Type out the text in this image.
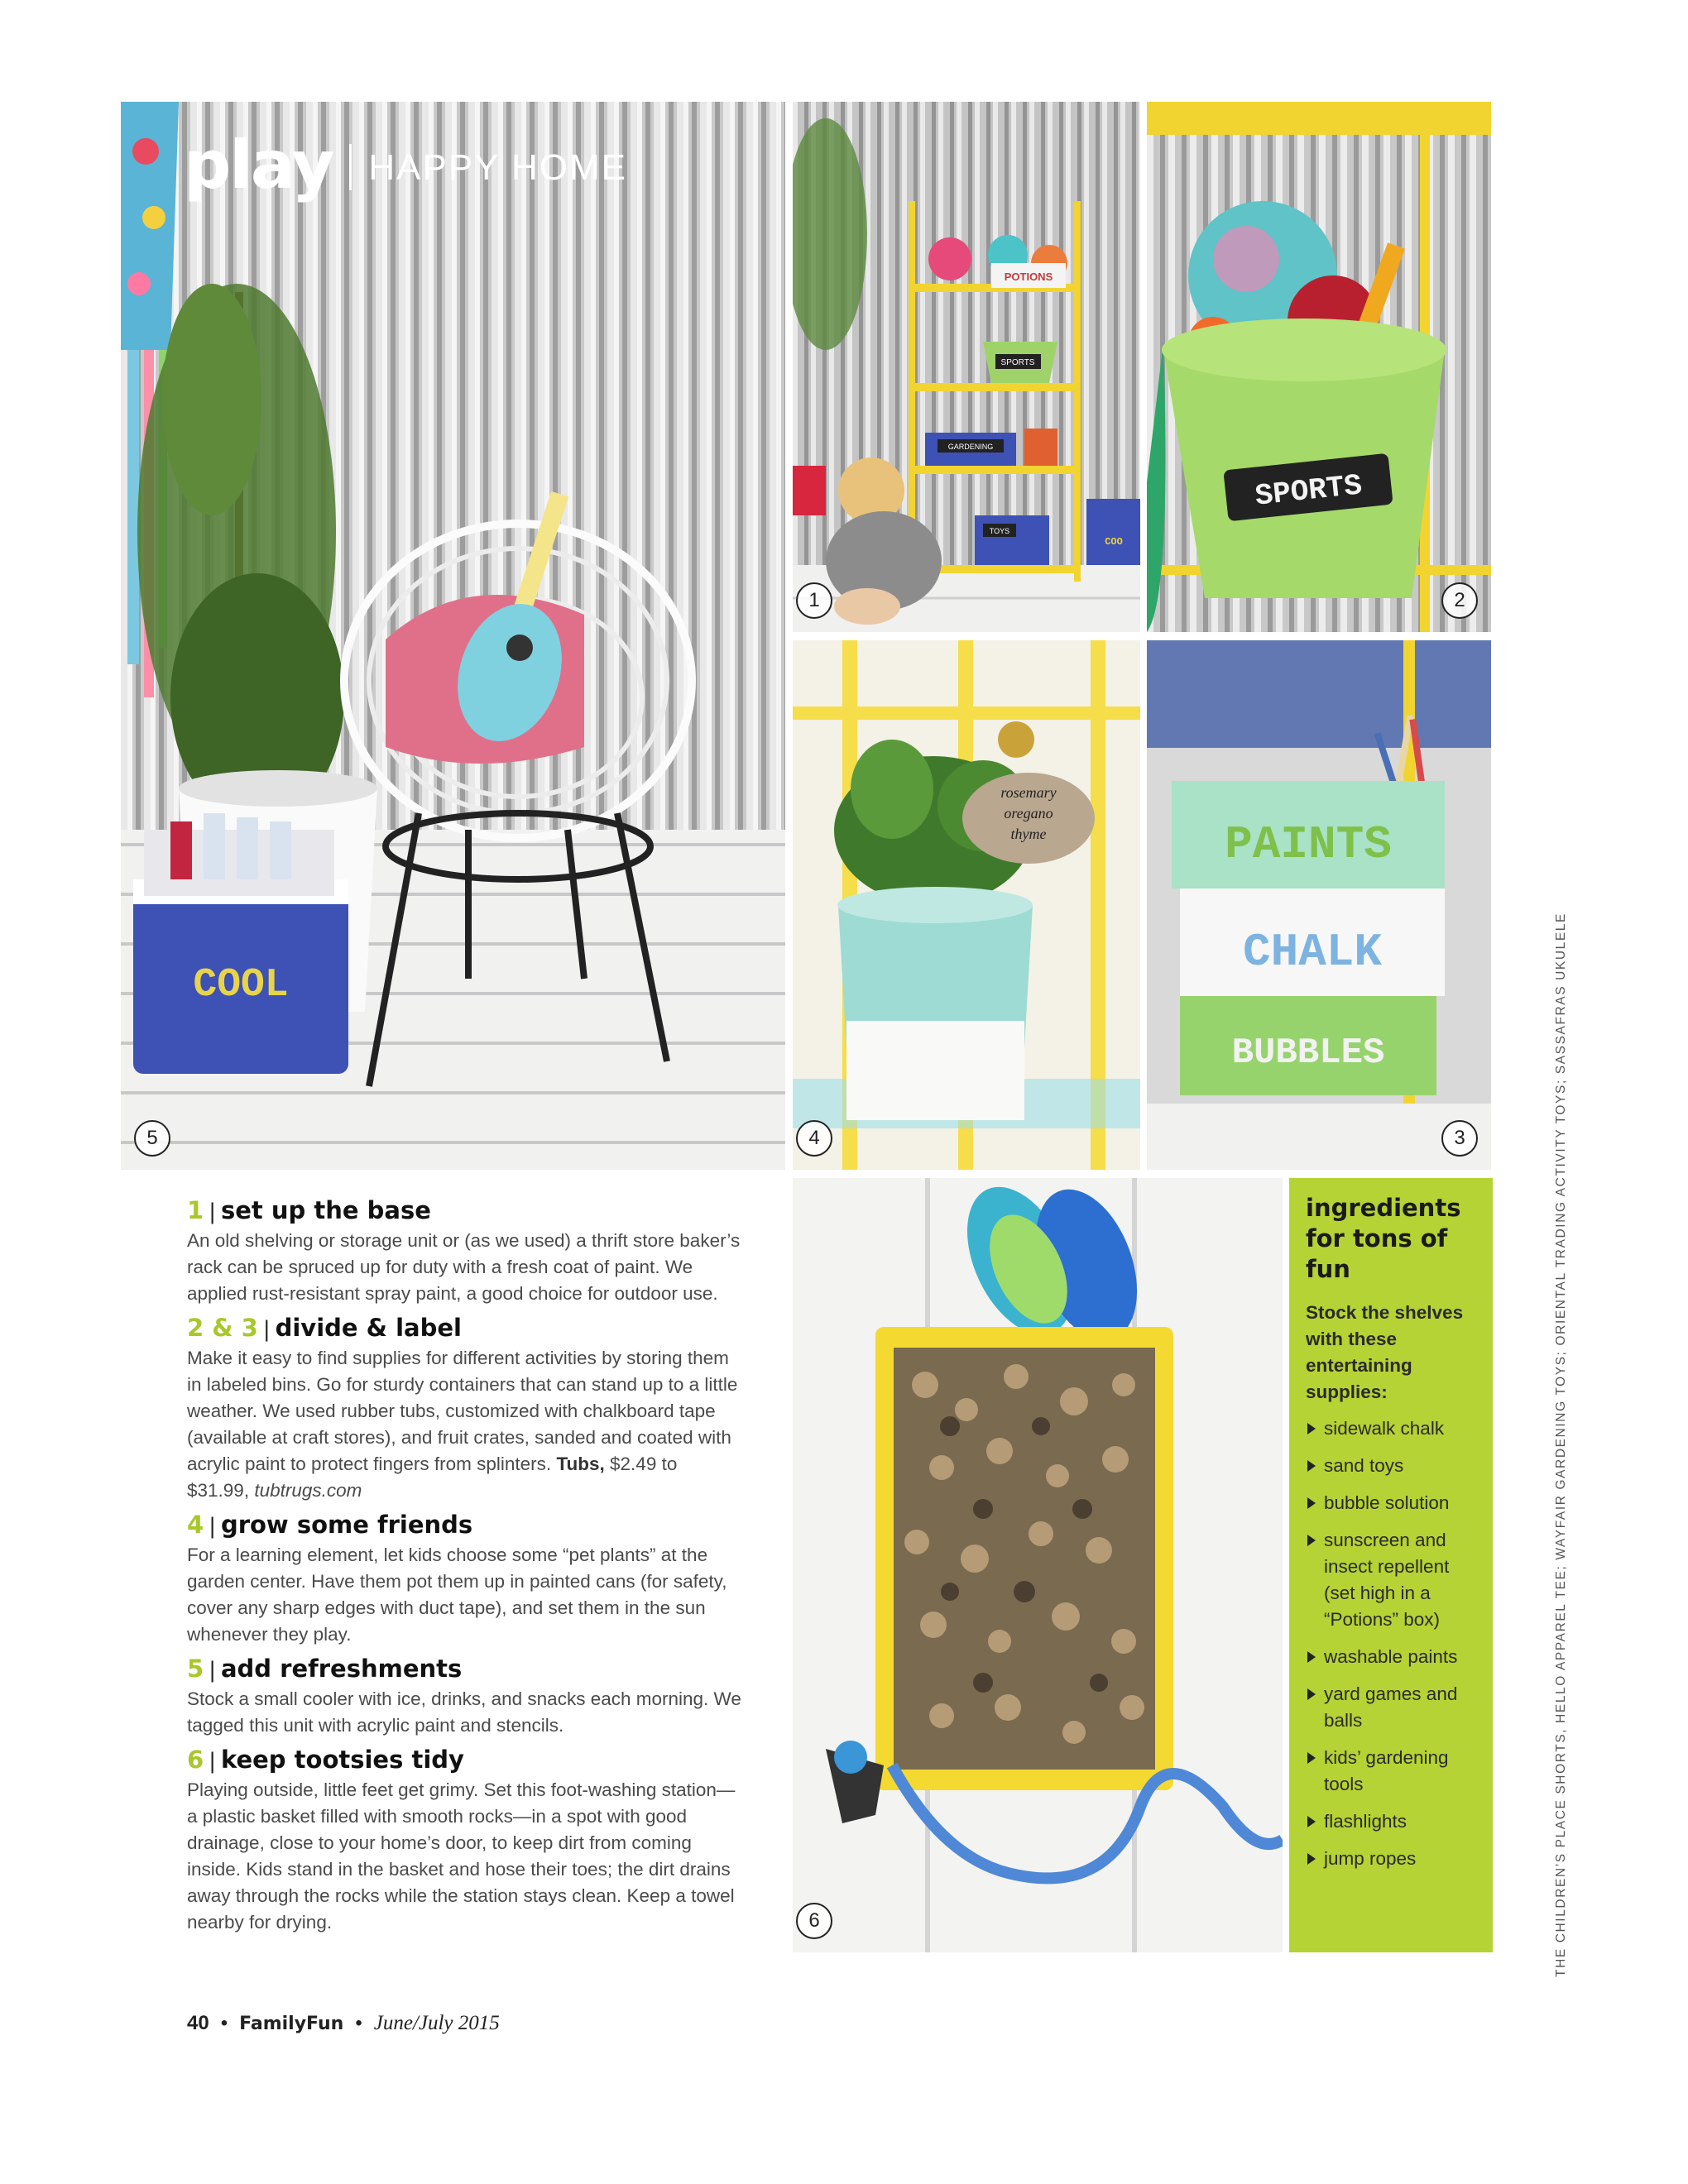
COOL
POTIONS
SPORTS
GARDENING
TOYS
COO
1
SPORTS
2
rosemary
oregano
thyme
4
PAINTS
CHALK
BUBBLES
3
6
5
play HAPPY HOME
1 | set up the base

An old shelving or storage unit or (as we used) a thrift store baker’s rack can be spruced up for duty with a fresh coat of paint. We applied rust-resistant spray paint, a good choice for outdoor use.

2 & 3 | divide & label

Make it easy to find supplies for different activities by storing them in labeled bins. Go for sturdy containers that can stand up to a little weather. We used rubber tubs, customized with chalkboard tape (available at craft stores), and fruit crates, sanded and coated with acrylic paint to protect fingers from splinters. Tubs, $2.49 to $31.99, tubtrugs.com

4 | grow some friends

For a learning element, let kids choose some “pet plants” at the garden center. Have them pot them up in painted cans (for safety, cover any sharp edges with duct tape), and set them in the sun whenever they play.

5 | add refreshments

Stock a small cooler with ice, drinks, and snacks each morning. We tagged this unit with acrylic paint and stencils.

6 | keep tootsies tidy

Playing outside, little feet get grimy. Set this foot-washing station—a plastic basket filled with smooth rocks—in a spot with good drainage, close to your home’s door, to keep dirt from coming inside. Kids stand in the basket and hose their toes; the dirt drains away through the rocks while the station stays clean. Keep a towel nearby for drying.

ingredients for tons of fun
Stock the shelves with these entertaining supplies:
sidewalk chalk
sand toys
bubble solution
sunscreen and insect repellent (set high in a “Potions” box)
washable paints
yard games and balls
kids’ gardening tools
flashlights
jump ropes	THE CHILDREN’S PLACE SHORTS, HELLO APPAREL TEE; WAYFAIR GARDENING TOYS; ORIENTAL TRADING ACTIVITY TOYS; SASSAFRAS UKULELE
40 • FamilyFun • June/July 2015
